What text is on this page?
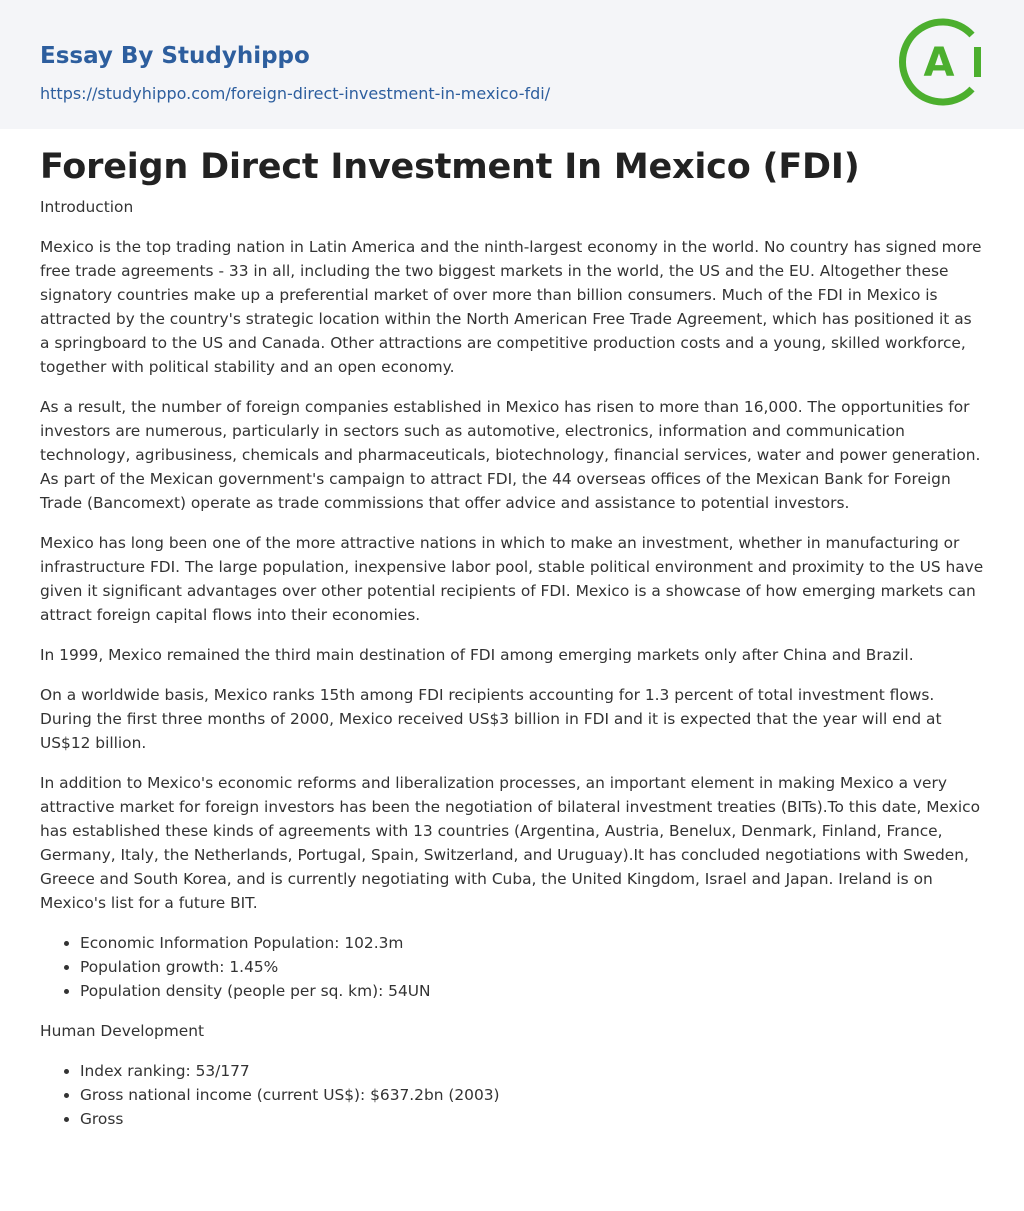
Essay By Studyhippo
https://studyhippo.com/foreign-direct-investment-in-mexico-fdi/
A
Foreign Direct Investment In Mexico (FDI)

Introduction

Mexico is the top trading nation in Latin America and the ninth-largest economy in the world. No country has signed more free trade agreements - 33 in all, including the two biggest markets in the world, the US and the EU. Altogether these signatory countries make up a preferential market of over more than billion consumers. Much of the FDI in Mexico is attracted by the country's strategic location within the North American Free Trade Agreement, which has positioned it as a springboard to the US and Canada. Other attractions are competitive production costs and a young, skilled workforce, together with political stability and an open economy.

As a result, the number of foreign companies established in Mexico has risen to more than 16,000. The opportunities for investors are numerous, particularly in sectors such as automotive, electronics, information and communication technology, agribusiness, chemicals and pharmaceuticals, biotechnology, financial services, water and power generation. As part of the Mexican government's campaign to attract FDI, the 44 overseas offices of the Mexican Bank for Foreign Trade (Bancomext) operate as trade commissions that offer advice and assistance to potential investors.

Mexico has long been one of the more attractive nations in which to make an investment, whether in manufacturing or infrastructure FDI. The large population, inexpensive labor pool, stable political environment and proximity to the US have given it significant advantages over other potential recipients of FDI. Mexico is a showcase of how emerging markets can attract foreign capital flows into their economies.

In 1999, Mexico remained the third main destination of FDI among emerging markets only after China and Brazil.

On a worldwide basis, Mexico ranks 15th among FDI recipients accounting for 1.3 percent of total investment flows. During the first three months of 2000, Mexico received US$3 billion in FDI and it is expected that the year will end at US$12 billion.

In addition to Mexico's economic reforms and liberalization processes, an important element in making Mexico a very attractive market for foreign investors has been the negotiation of bilateral investment treaties (BITs).To this date, Mexico has established these kinds of agreements with 13 countries (Argentina, Austria, Benelux, Denmark, Finland, France, Germany, Italy, the Netherlands, Portugal, Spain, Switzerland, and Uruguay).It has concluded negotiations with Sweden, Greece and South Korea, and is currently negotiating with Cuba, the United Kingdom, Israel and Japan. Ireland is on Mexico's list for a future BIT.

• Economic Information Population: 102.3m
• Population growth: 1.45%
• Population density (people per sq. km): 54UN

Human Development

• Index ranking: 53/177
• Gross national income (current US$): $637.2bn (2003)
• Gross
